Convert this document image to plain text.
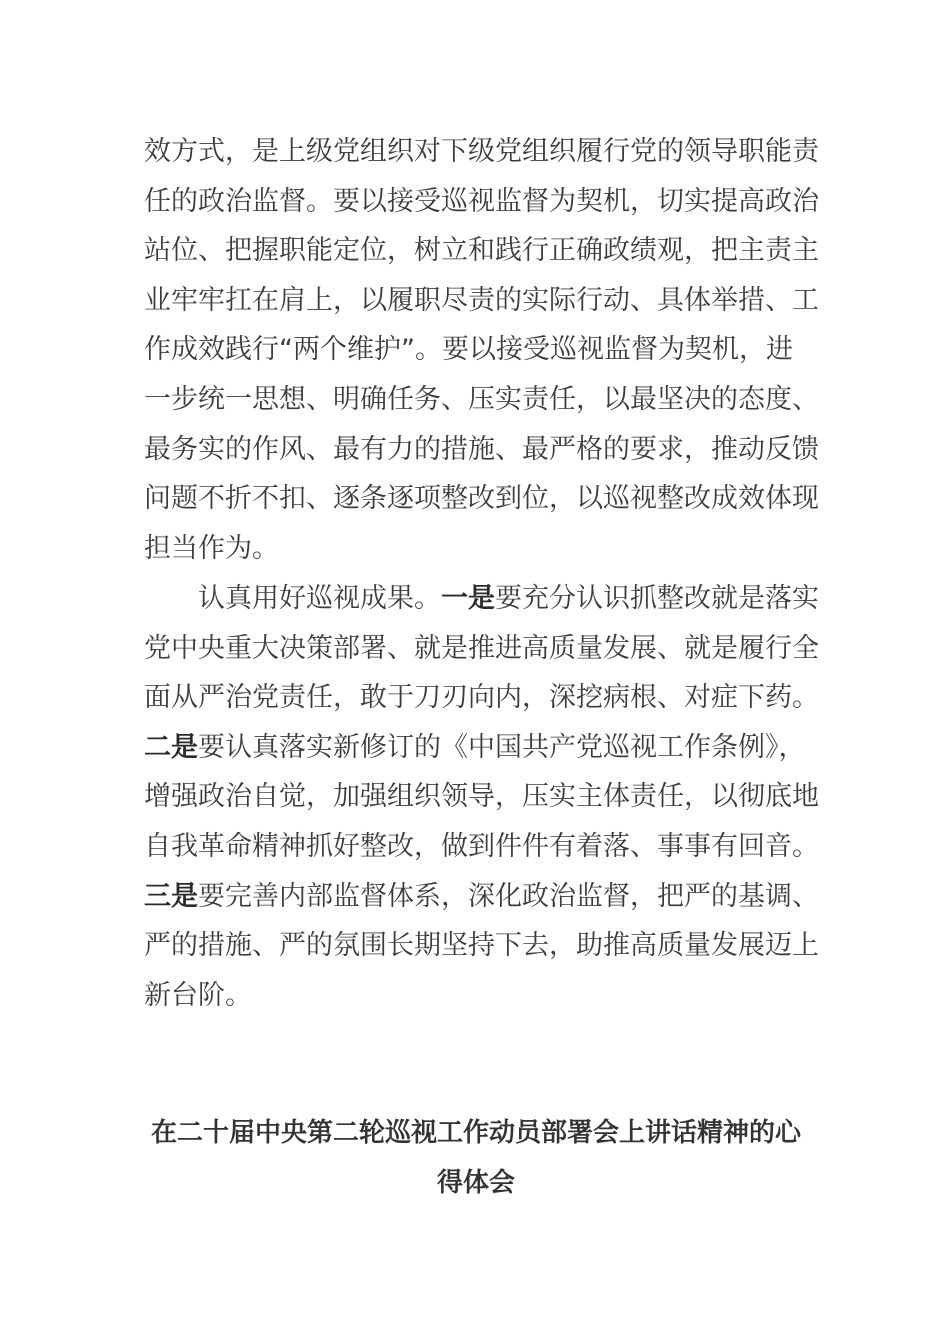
效方式，是上级党组织对下级党组织履行党的领导职能责
任的政治监督。要以接受巡视监督为契机，切实提高政治
站位、把握职能定位，树立和践行正确政绩观，把主责主
业牢牢扛在肩上，以履职尽责的实际行动、具体举措、工
作成效践行“两个维护”。要以接受巡视监督为契机，进
一步统一思想、明确任务、压实责任，以最坚决的态度、
最务实的作风、最有力的措施、最严格的要求，推动反馈
问题不折不扣、逐条逐项整改到位，以巡视整改成效体现
担当作为。
认真用好巡视成果。一是要充分认识抓整改就是落实
党中央重大决策部署、就是推进高质量发展、就是履行全
面从严治党责任，敢于刀刃向内，深挖病根、对症下药。
二是要认真落实新修订的《中国共产党巡视工作条例》，
增强政治自觉，加强组织领导，压实主体责任，以彻底地
自我革命精神抓好整改，做到件件有着落、事事有回音。
三是要完善内部监督体系，深化政治监督，把严的基调、
严的措施、严的氛围长期坚持下去，助推高质量发展迈上
新台阶。
在二十届中央第二轮巡视工作动员部署会上讲话精神的心
得体会
